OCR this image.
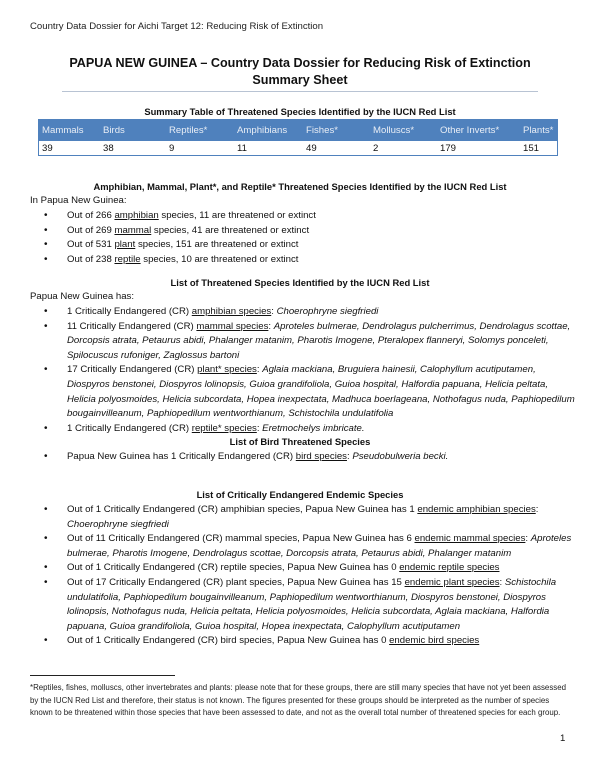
Country Data Dossier for Aichi Target 12: Reducing Risk of Extinction
PAPUA NEW GUINEA – Country Data Dossier for Reducing Risk of Extinction
Summary Sheet
Summary Table of Threatened Species Identified by the IUCN Red List
Mammals	Birds	Reptiles*	Amphibians	Fishes*	Molluscs*	Other Inverts*	Plants*
39	38	9	11	49	2	179	151
Amphibian, Mammal, Plant*, and Reptile* Threatened Species Identified by the IUCN Red List
In Papua New Guinea:
• Out of 266 amphibian species, 11 are threatened or extinct
• Out of 269 mammal species, 41 are threatened or extinct
• Out of 531 plant species, 151 are threatened or extinct
• Out of 238 reptile species, 10 are threatened or extinct
List of Threatened Species Identified by the IUCN Red List
Papua New Guinea has:
• 1 Critically Endangered (CR) amphibian species: Choerophryne siegfriedi
• 11 Critically Endangered (CR) mammal species: Aproteles bulmerae, Dendrolagus pulcherrimus, Dendrolagus scottae, Dorcopsis atrata, Petaurus abidi, Phalanger matanim, Pharotis Imogene, Pteralopex flanneryi, Solomys ponceleti, Spilocuscus rufoniger, Zaglossus bartoni
• 17 Critically Endangered (CR) plant* species: Aglaia mackiana, Bruguiera hainesii, Calophyllum acutiputamen, Diospyros benstonei, Diospyros lolinopsis, Guioa grandifoliola, Guioa hospital, Halfordia papuana, Helicia peltata, Helicia polyosmoides, Helicia subcordata, Hopea inexpectata, Madhuca boerlageana, Nothofagus nuda, Paphiopedilum bougainvilleanum, Paphiopedilum wentworthianum, Schistochila undulatifolia
• 1 Critically Endangered (CR) reptile* species: Eretmochelys imbricate.
List of Bird Threatened Species
• Papua New Guinea has 1 Critically Endangered (CR) bird species: Pseudobulweria becki.
List of Critically Endangered Endemic Species
• Out of 1 Critically Endangered (CR) amphibian species, Papua New Guinea has 1 endemic amphibian species: Choerophryne siegfriedi
• Out of 11 Critically Endangered (CR) mammal species, Papua New Guinea has 6 endemic mammal species: Aproteles bulmerae, Pharotis Imogene, Dendrolagus scottae, Dorcopsis atrata, Petaurus abidi, Phalanger matanim
• Out of 1 Critically Endangered (CR) reptile species, Papua New Guinea has 0 endemic reptile species
• Out of 17 Critically Endangered (CR) plant species, Papua New Guinea has 15 endemic plant species: Schistochila undulatifolia, Paphiopedilum bougainvilleanum, Paphiopedilum wentworthianum, Diospyros benstonei, Diospyros lolinopsis, Nothofagus nuda, Helicia peltata, Helicia polyosmoides, Helicia subcordata, Aglaia mackiana, Halfordia papuana, Guioa grandifoliola, Guioa hospital, Hopea inexpectata, Calophyllum acutiputamen
• Out of 1 Critically Endangered (CR) bird species, Papua New Guinea has 0 endemic bird species
*Reptiles, fishes, molluscs, other invertebrates and plants: please note that for these groups, there are still many species that have not yet been assessed by the IUCN Red List and therefore, their status is not known. The figures presented for these groups should be interpreted as the number of species known to be threatened within those species that have been assessed to date, and not as the overall total number of threatened species for each group.
1
